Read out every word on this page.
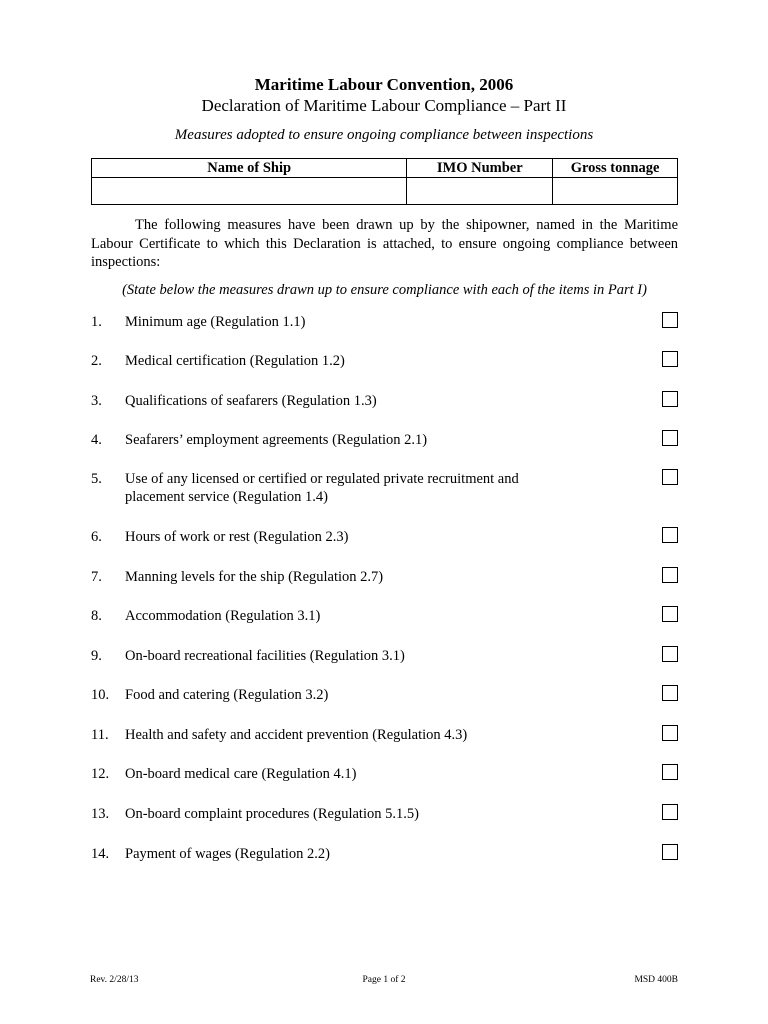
Maritime Labour Convention, 2006
Declaration of Maritime Labour Compliance – Part II
Measures adopted to ensure ongoing compliance between inspections
Name of Ship	IMO Number	Gross tonnage

The following measures have been drawn up by the shipowner, named in the Maritime Labour Certificate to which this Declaration is attached, to ensure ongoing compliance between inspections:

(State below the measures drawn up to ensure compliance with each of the items in Part I)
1.	Minimum age (Regulation 1.1)
2.	Medical certification (Regulation 1.2)
3.	Qualifications of seafarers (Regulation 1.3)
4.	Seafarers’ employment agreements (Regulation 2.1)
5.	Use of any licensed or certified or regulated private recruitment and placement service (Regulation 1.4)
6.	Hours of work or rest (Regulation 2.3)
7.	Manning levels for the ship (Regulation 2.7)
8.	Accommodation (Regulation 3.1)
9.	On-board recreational facilities (Regulation 3.1)
10.	Food and catering (Regulation 3.2)
11.	Health and safety and accident prevention (Regulation 4.3)
12.	On-board medical care (Regulation 4.1)
13.	On-board complaint procedures (Regulation 5.1.5)
14.	Payment of wages (Regulation 2.2)
Rev. 2/28/13	Page 1 of 2	MSD 400B
